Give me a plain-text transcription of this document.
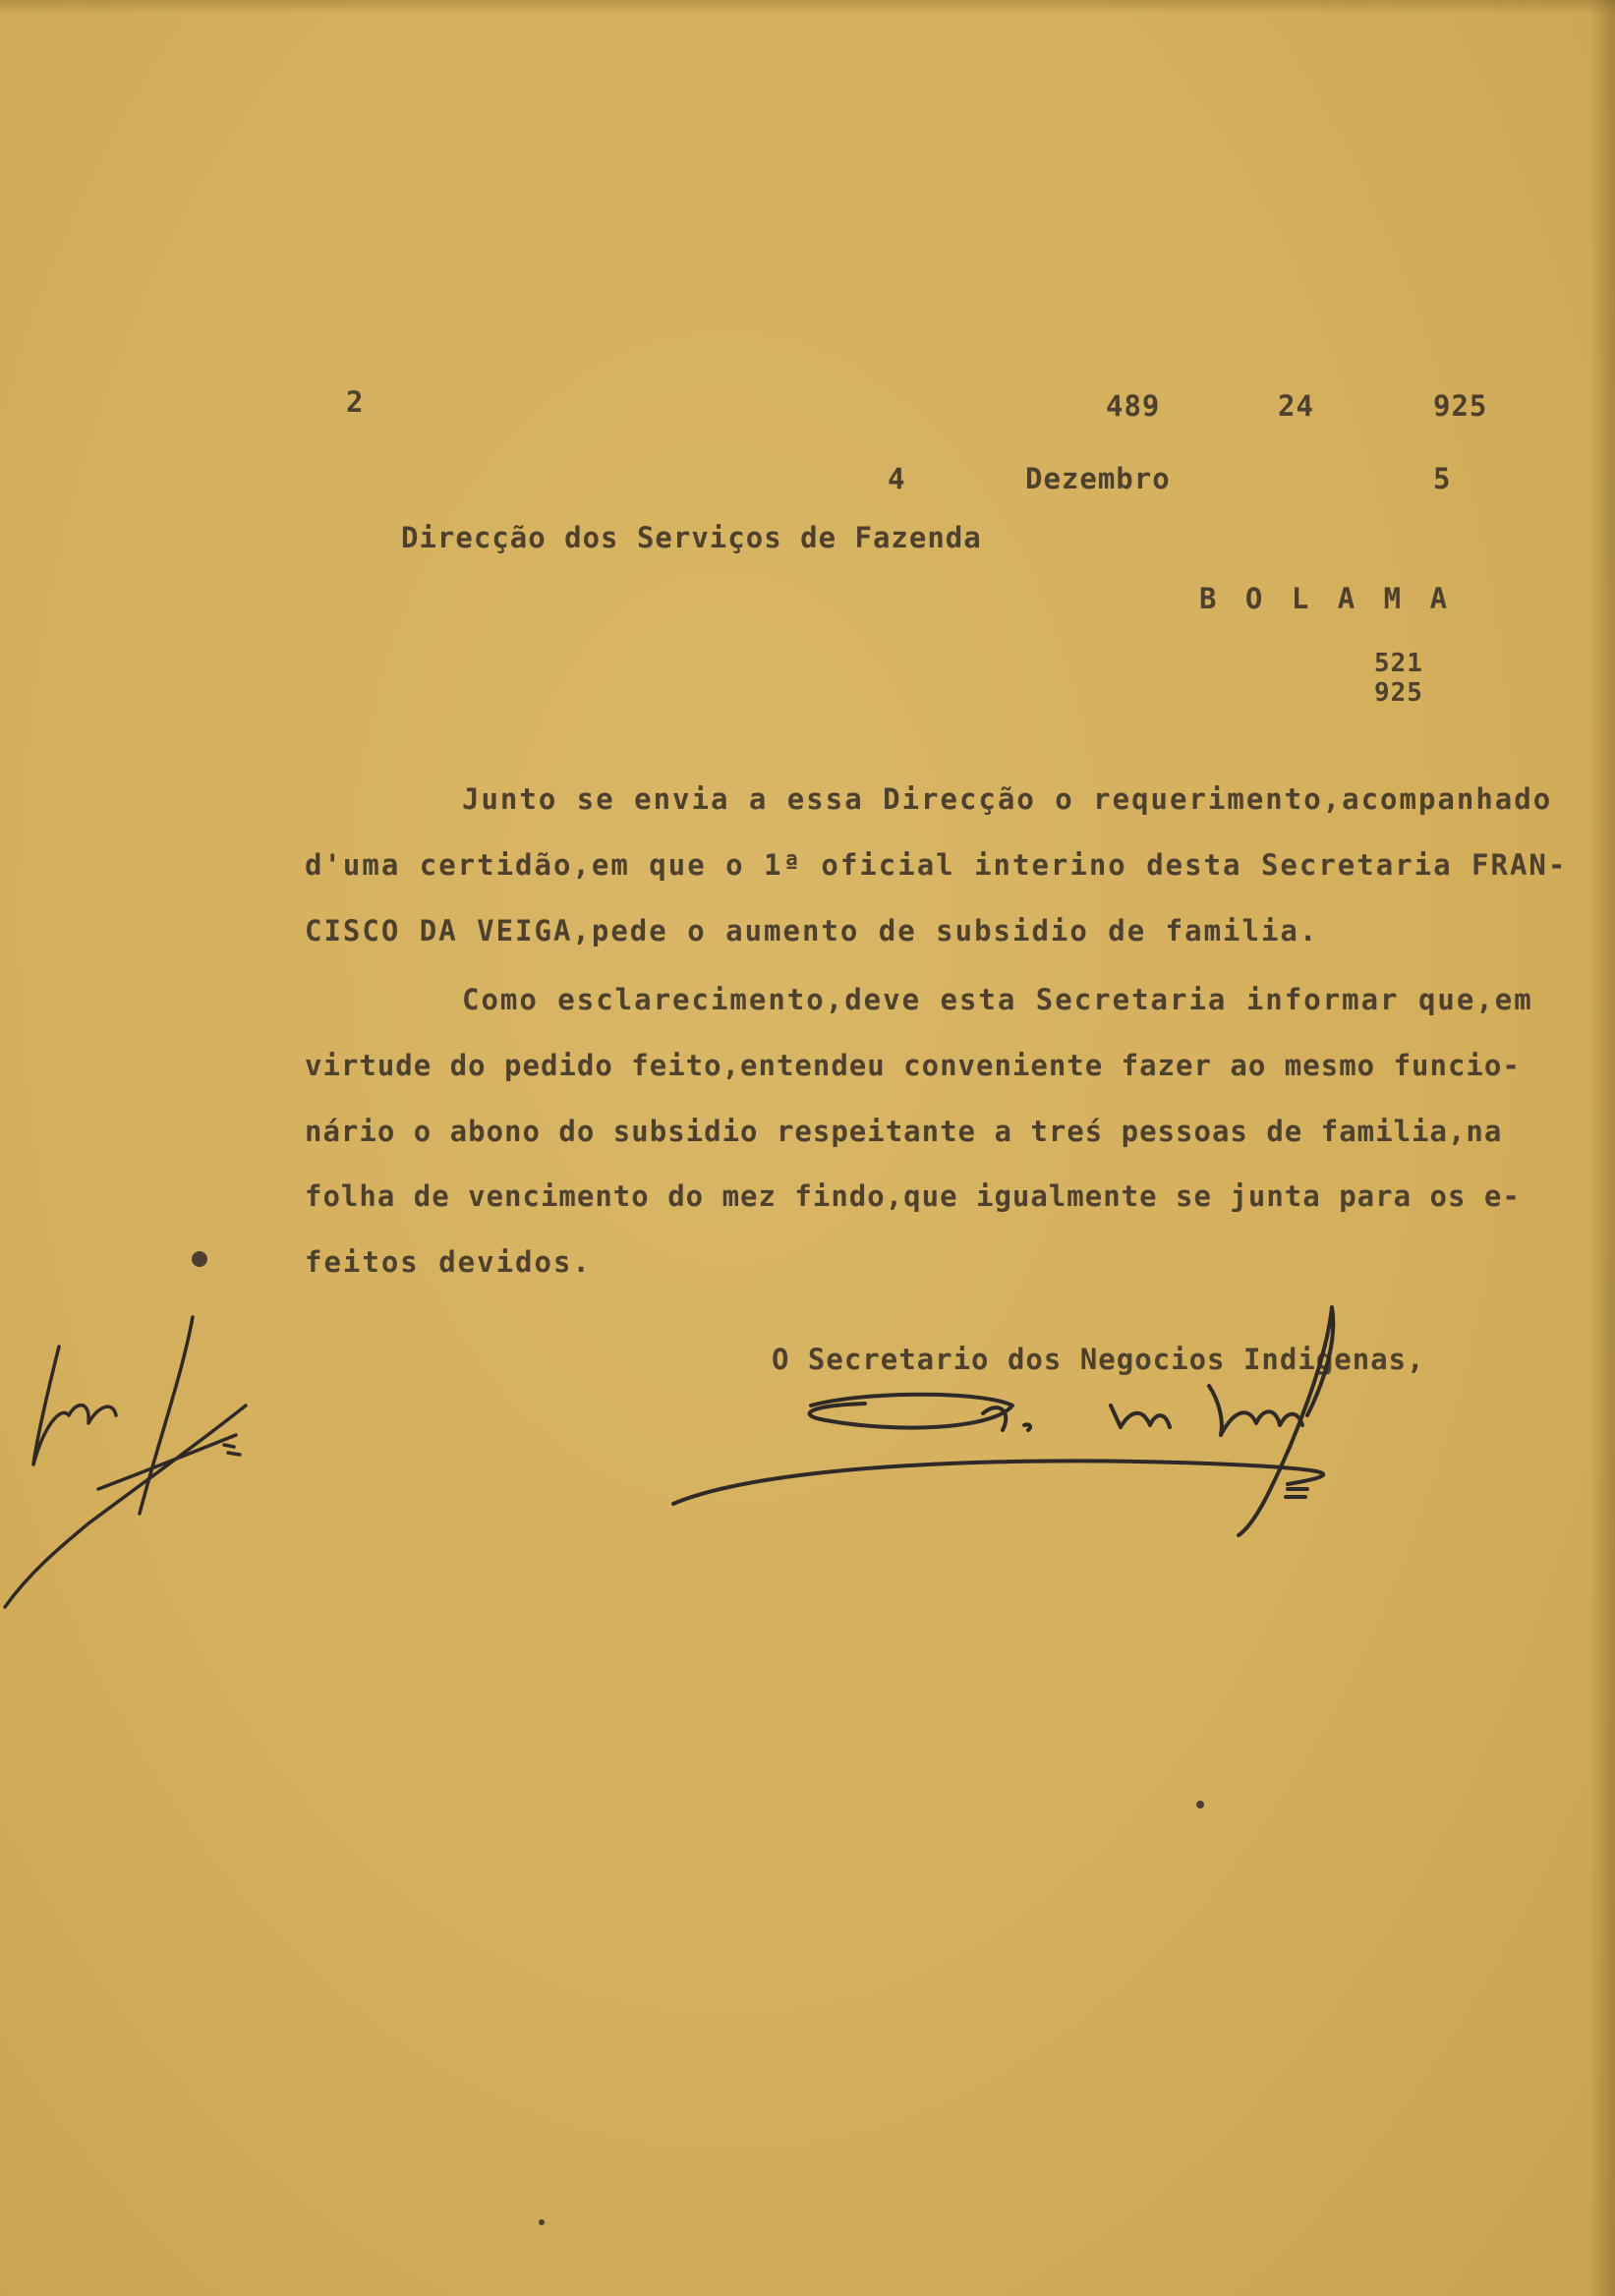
2	489	24	925

4	Dezembro	5

Direcção dos Serviços de Fazenda

B O L A M A

521

925

Junto se envia a essa Direcção o requerimento,acompanhado

d'uma certidão,em que o 1ª oficial interino desta Secretaria FRAN-

CISCO DA VEIGA,pede o aumento de subsidio de familia.

Como esclarecimento,deve esta Secretaria informar que,em

virtude do pedido feito,entendeu conveniente fazer ao mesmo funcio-

nário o abono do subsidio respeitante a treś pessoas de familia,na

folha de vencimento do mez findo,que igualmente se junta para os e-

feitos devidos.

O Secretario dos Negocios Indigenas,
